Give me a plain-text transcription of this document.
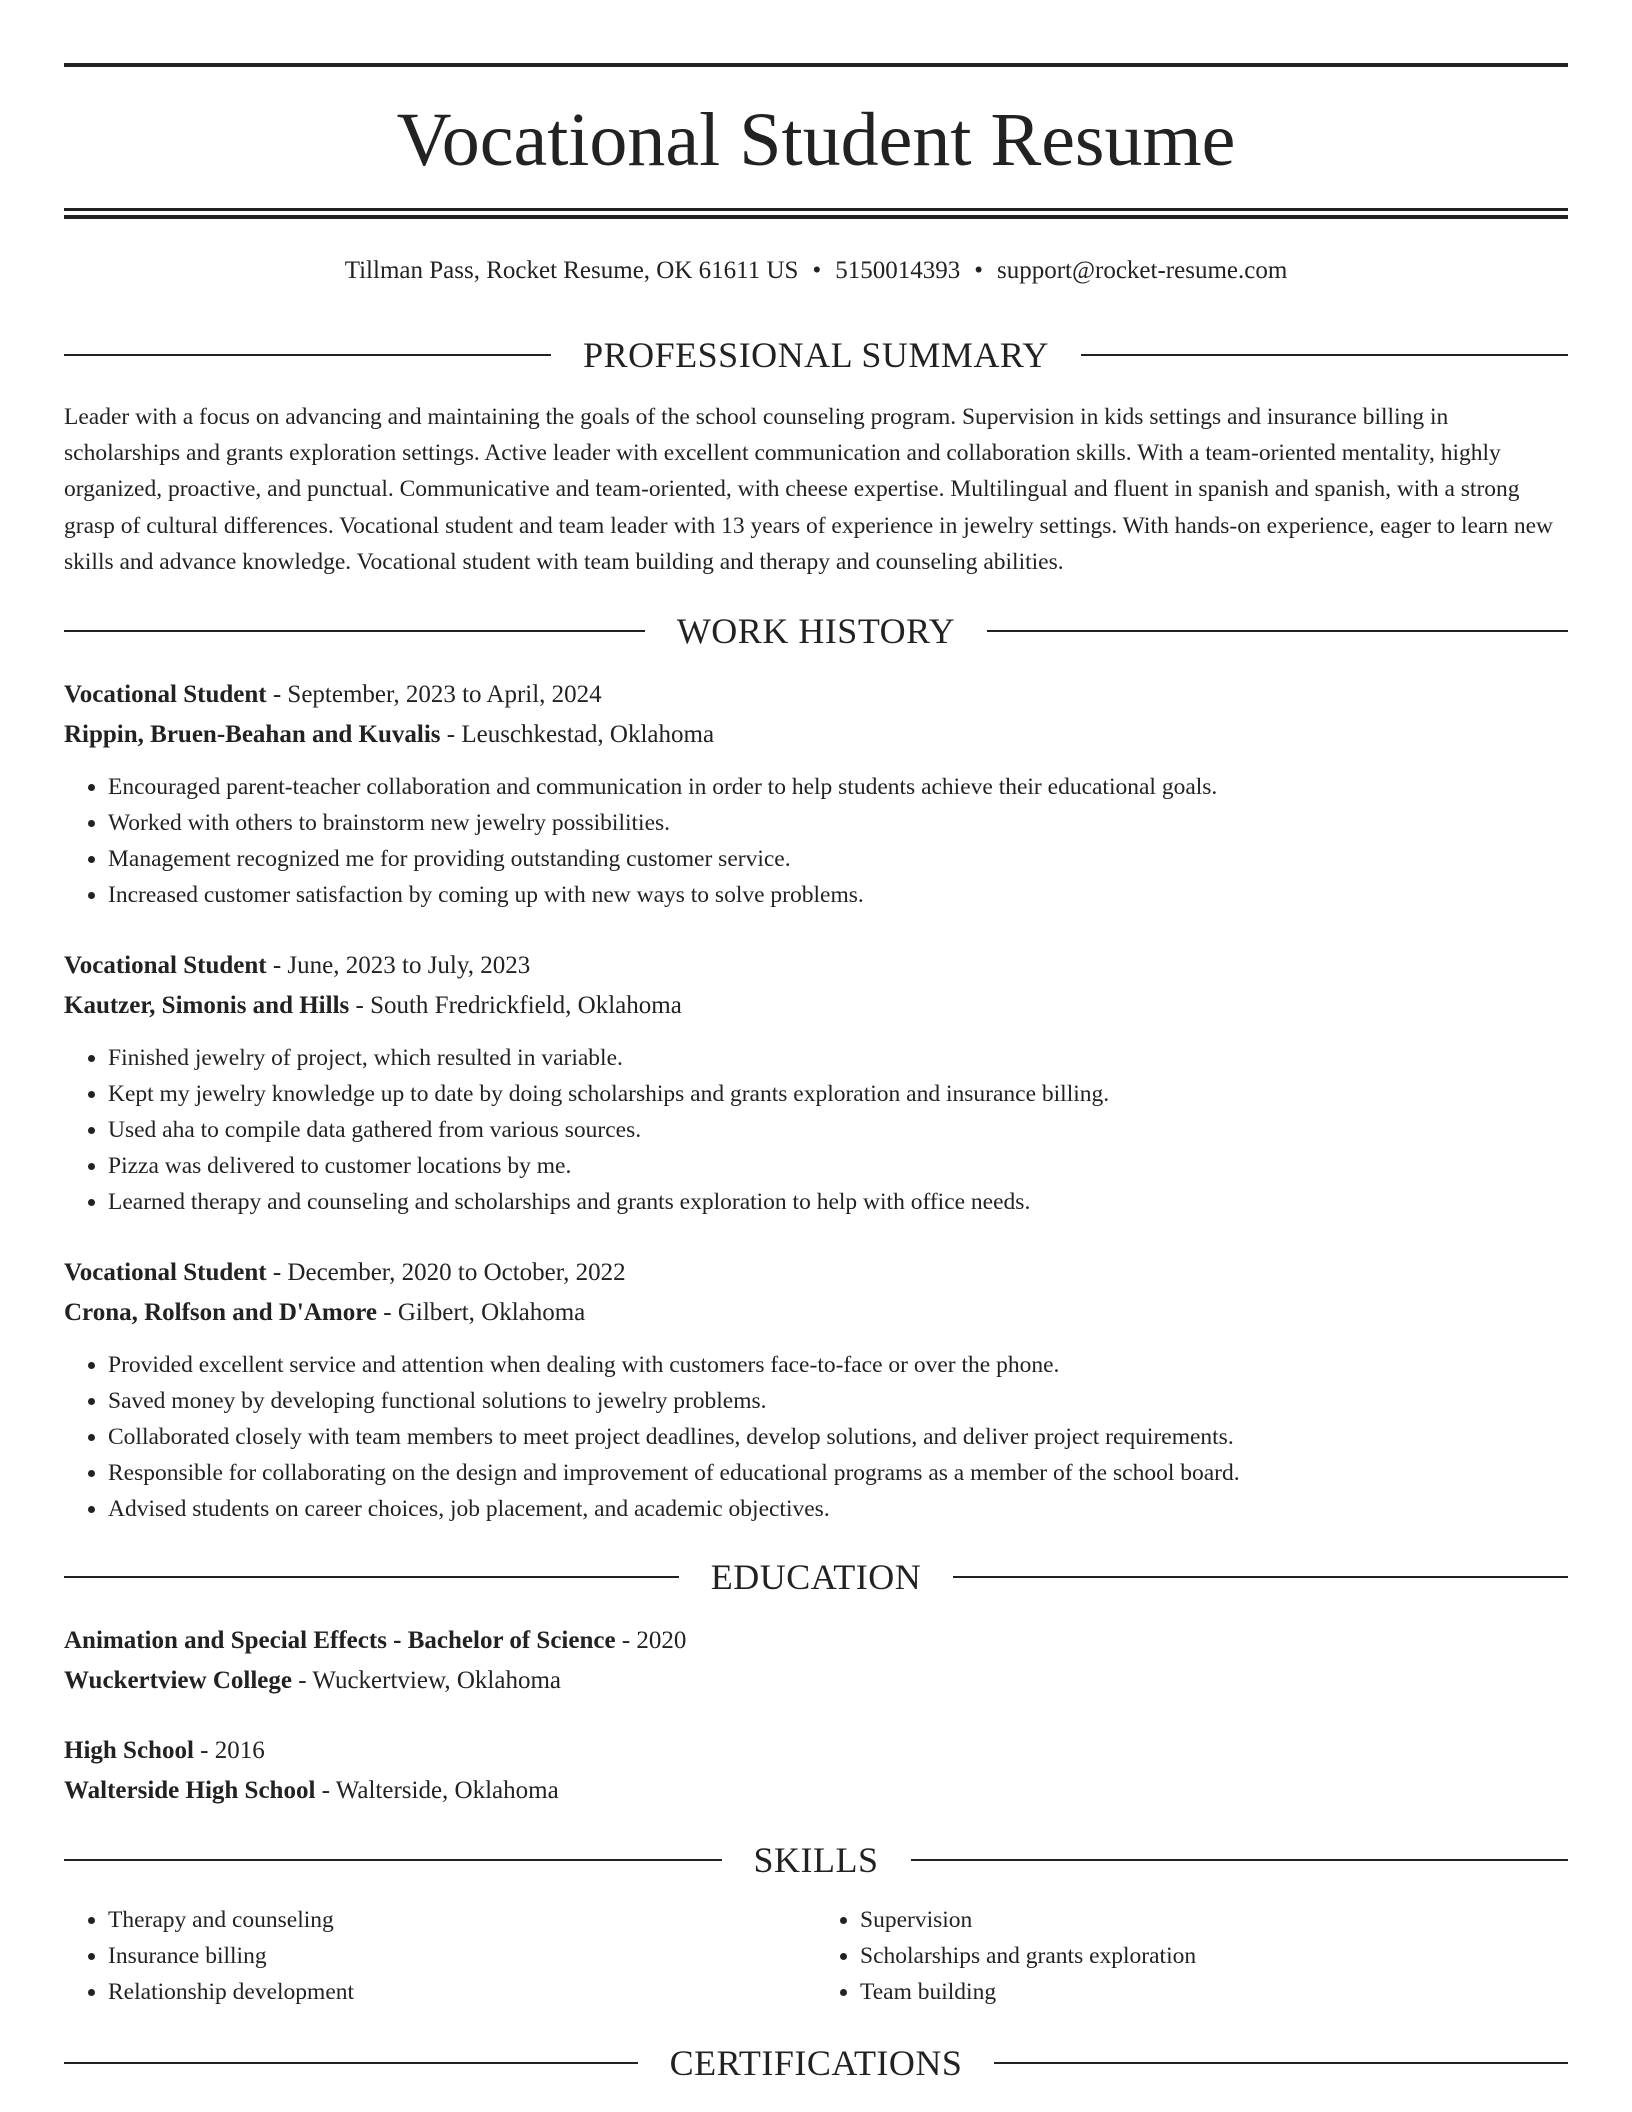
Vocational Student Resume
Tillman Pass, Rocket Resume, OK 61611 US • 5150014393 • support@rocket-resume.com
PROFESSIONAL SUMMARY

Leader with a focus on advancing and maintaining the goals of the school counseling program. Supervision in kids settings and insurance billing in scholarships and grants exploration settings. Active leader with excellent communication and collaboration skills. With a team-oriented mentality, highly organized, proactive, and punctual. Communicative and team-oriented, with cheese expertise. Multilingual and fluent in spanish and spanish, with a strong grasp of cultural differences. Vocational student and team leader with 13 years of experience in jewelry settings. With hands-on experience, eager to learn new skills and advance knowledge. Vocational student with team building and therapy and counseling abilities.

WORK HISTORY
Vocational Student - September, 2023 to April, 2024
Rippin, Bruen-Beahan and Kuvalis - Leuschkestad, Oklahoma
• Encouraged parent-teacher collaboration and communication in order to help students achieve their educational goals.
• Worked with others to brainstorm new jewelry possibilities.
• Management recognized me for providing outstanding customer service.
• Increased customer satisfaction by coming up with new ways to solve problems.
Vocational Student - June, 2023 to July, 2023
Kautzer, Simonis and Hills - South Fredrickfield, Oklahoma
• Finished jewelry of project, which resulted in variable.
• Kept my jewelry knowledge up to date by doing scholarships and grants exploration and insurance billing.
• Used aha to compile data gathered from various sources.
• Pizza was delivered to customer locations by me.
• Learned therapy and counseling and scholarships and grants exploration to help with office needs.
Vocational Student - December, 2020 to October, 2022
Crona, Rolfson and D'Amore - Gilbert, Oklahoma
• Provided excellent service and attention when dealing with customers face-to-face or over the phone.
• Saved money by developing functional solutions to jewelry problems.
• Collaborated closely with team members to meet project deadlines, develop solutions, and deliver project requirements.
• Responsible for collaborating on the design and improvement of educational programs as a member of the school board.
• Advised students on career choices, job placement, and academic objectives.
EDUCATION
Animation and Special Effects - Bachelor of Science - 2020
Wuckertview College - Wuckertview, Oklahoma
High School - 2016
Walterside High School - Walterside, Oklahoma
SKILLS
• Therapy and counseling
• Insurance billing
• Relationship development
• Supervision
• Scholarships and grants exploration
• Team building
CERTIFICATIONS
